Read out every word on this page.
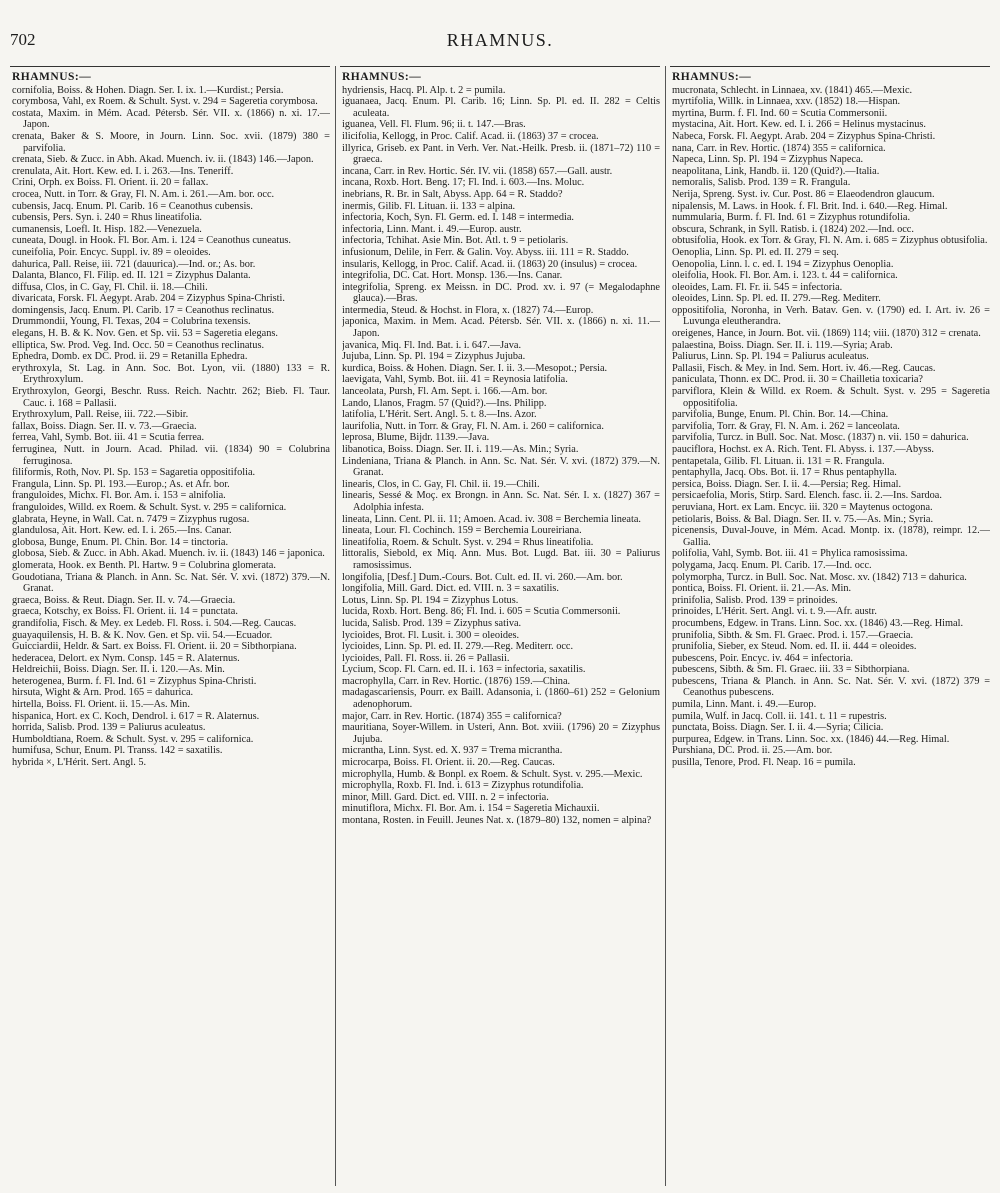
702	RHAMNUS.
RHAMNUS:—
cornifolia, Boiss. & Hohen. Diagn. Ser. I. ix. 1.—Kurdist.; Persia.
corymbosa, Vahl, ex Roem. & Schult. Syst. v. 294 = Sageretia corymbosa.
costata, Maxim. in Mém. Acad. Pétersb. Sér. VII. x. (1866) n. xi. 17.—Japon.
crenata, Baker & S. Moore, in Journ. Linn. Soc. xvii. (1879) 380 = parvifolia.
crenata, Sieb. & Zucc. in Abh. Akad. Muench. iv. ii. (1843) 146.—Japon.
crenulata, Ait. Hort. Kew. ed. I. i. 263.—Ins. Teneriff.
Crini, Orph. ex Boiss. Fl. Orient. ii. 20 = fallax.
crocea, Nutt. in Torr. & Gray, Fl. N. Am. i. 261.—Am. bor. occ.
cubensis, Jacq. Enum. Pl. Carib. 16 = Ceanothus cubensis.
cubensis, Pers. Syn. i. 240 = Rhus lineatifolia.
cumanensis, Loefl. It. Hisp. 182.—Venezuela.
cuneata, Dougl. in Hook. Fl. Bor. Am. i. 124 = Ceanothus cuneatus.
cuneifolia, Poir. Encyc. Suppl. iv. 89 = oleoides.
dahurica, Pall. Reise, iii. 721 (dauurica).—Ind. or.; As. bor.
Dalanta, Blanco, Fl. Filip. ed. II. 121 = Zizyphus Dalanta.
diffusa, Clos, in C. Gay, Fl. Chil. ii. 18.—Chili.
divaricata, Forsk. Fl. Aegypt. Arab. 204 = Zizyphus Spina-Christi.
domingensis, Jacq. Enum. Pl. Carib. 17 = Ceanothus reclinatus.
Drummondii, Young, Fl. Texas, 204 = Colubrina texensis.
elegans, H. B. & K. Nov. Gen. et Sp. vii. 53 = Sageretia elegans.
elliptica, Sw. Prod. Veg. Ind. Occ. 50 = Ceanothus reclinatus.
Ephedra, Domb. ex DC. Prod. ii. 29 = Retanilla Ephedra.
erythroxyla, St. Lag. in Ann. Soc. Bot. Lyon, vii. (1880) 133 = R. Erythroxylum.
Erythroxylon, Georgi, Beschr. Russ. Reich. Nachtr. 262; Bieb. Fl. Taur. Cauc. i. 168 = Pallasii.
Erythroxylum, Pall. Reise, iii. 722.—Sibir.
fallax, Boiss. Diagn. Ser. II. v. 73.—Graecia.
ferrea, Vahl, Symb. Bot. iii. 41 = Scutia ferrea.
ferruginea, Nutt. in Journ. Acad. Philad. vii. (1834) 90 = Colubrina ferruginosa.
filiformis, Roth, Nov. Pl. Sp. 153 = Sagaretia oppositifolia.
Frangula, Linn. Sp. Pl. 193.—Europ.; As. et Afr. bor.
franguloides, Michx. Fl. Bor. Am. i. 153 = alnifolia.
franguloides, Willd. ex Roem. & Schult. Syst. v. 295 = californica.
glabrata, Heyne, in Wall. Cat. n. 7479 = Zizyphus rugosa.
glandulosa, Ait. Hort. Kew. ed. I. i. 265.—Ins. Canar.
globosa, Bunge, Enum. Pl. Chin. Bor. 14 = tinctoria.
globosa, Sieb. & Zucc. in Abh. Akad. Muench. iv. ii. (1843) 146 = japonica.
glomerata, Hook. ex Benth. Pl. Hartw. 9 = Colubrina glomerata.
Goudotiana, Triana & Planch. in Ann. Sc. Nat. Sér. V. xvi. (1872) 379.—N. Granat.
graeca, Boiss. & Reut. Diagn. Ser. II. v. 74.—Graecia.
graeca, Kotschy, ex Boiss. Fl. Orient. ii. 14 = punctata.
grandifolia, Fisch. & Mey. ex Ledeb. Fl. Ross. i. 504.—Reg. Caucas.
guayaquilensis, H. B. & K. Nov. Gen. et Sp. vii. 54.—Ecuador.
Guicciardii, Heldr. & Sart. ex Boiss. Fl. Orient. ii. 20 = Sibthorpiana.
hederacea, Delort. ex Nym. Consp. 145 = R. Alaternus.
Heldreichii, Boiss. Diagn. Ser. II. i. 120.—As. Min.
heterogenea, Burm. f. Fl. Ind. 61 = Zizyphus Spina-Christi.
hirsuta, Wight & Arn. Prod. 165 = dahurica.
hirtella, Boiss. Fl. Orient. ii. 15.—As. Min.
hispanica, Hort. ex C. Koch, Dendrol. i. 617 = R. Alaternus.
horrida, Salisb. Prod. 139 = Paliurus aculeatus.
Humboldtiana, Roem. & Schult. Syst. v. 295 = californica.
humifusa, Schur, Enum. Pl. Transs. 142 = saxatilis.
hybrida ×, L'Hérit. Sert. Angl. 5.
RHAMNUS:—
hydriensis, Hacq. Pl. Alp. t. 2 = pumila.
iguanaea, Jacq. Enum. Pl. Carib. 16; Linn. Sp. Pl. ed. II. 282 = Celtis aculeata.
iguanea, Vell. Fl. Flum. 96; ii. t. 147.—Bras.
ilicifolia, Kellogg, in Proc. Calif. Acad. ii. (1863) 37 = crocea.
illyrica, Griseb. ex Pant. in Verh. Ver. Nat.-Heilk. Presb. ii. (1871–72) 110 = graeca.
incana, Carr. in Rev. Hortic. Sér. IV. vii. (1858) 657.—Gall. austr.
incana, Roxb. Hort. Beng. 17; Fl. Ind. i. 603.—Ins. Moluc.
inebrians, R. Br. in Salt, Abyss. App. 64 = R. Staddo?
inermis, Gilib. Fl. Lituan. ii. 133 = alpina.
infectoria, Koch, Syn. Fl. Germ. ed. I. 148 = intermedia.
infectoria, Linn. Mant. i. 49.—Europ. austr.
infectoria, Tchihat. Asie Min. Bot. Atl. t. 9 = petiolaris.
infusionum, Delile, in Ferr. & Galin. Voy. Abyss. iii. 111 = R. Staddo.
insularis, Kellogg, in Proc. Calif. Acad. ii. (1863) 20 (insulus) = crocea.
integrifolia, DC. Cat. Hort. Monsp. 136.—Ins. Canar.
integrifolia, Spreng. ex Meissn. in DC. Prod. xv. i. 97 (= Megalodaphne glauca).—Bras.
intermedia, Steud. & Hochst. in Flora, x. (1827) 74.—Europ.
japonica, Maxim. in Mem. Acad. Pétersb. Sér. VII. x. (1866) n. xi. 11.—Japon.
javanica, Miq. Fl. Ind. Bat. i. i. 647.—Java.
Jujuba, Linn. Sp. Pl. 194 = Zizyphus Jujuba.
kurdica, Boiss. & Hohen. Diagn. Ser. I. ii. 3.—Mesopot.; Persia.
laevigata, Vahl, Symb. Bot. iii. 41 = Reynosia latifolia.
lanceolata, Pursh, Fl. Am. Sept. i. 166.—Am. bor.
Lando, Llanos, Fragm. 57 (Quid?).—Ins. Philipp.
latifolia, L'Hérit. Sert. Angl. 5. t. 8.—Ins. Azor.
laurifolia, Nutt. in Torr. & Gray, Fl. N. Am. i. 260 = californica.
leprosa, Blume, Bijdr. 1139.—Java.
libanotica, Boiss. Diagn. Ser. II. i. 119.—As. Min.; Syria.
Lindeniana, Triana & Planch. in Ann. Sc. Nat. Sér. V. xvi. (1872) 379.—N. Granat.
linearis, Clos, in C. Gay, Fl. Chil. ii. 19.—Chili.
linearis, Sessé & Moç. ex Brongn. in Ann. Sc. Nat. Sér. I. x. (1827) 367 = Adolphia infesta.
lineata, Linn. Cent. Pl. ii. 11; Amoen. Acad. iv. 308 = Berchemia lineata.
lineata, Lour. Fl. Cochinch. 159 = Berchemia Loureiriana.
lineatifolia, Roem. & Schult. Syst. v. 294 = Rhus lineatifolia.
littoralis, Siebold, ex Miq. Ann. Mus. Bot. Lugd. Bat. iii. 30 = Paliurus ramosissimus.
longifolia, [Desf.] Dum.-Cours. Bot. Cult. ed. II. vi. 260.—Am. bor.
longifolia, Mill. Gard. Dict. ed. VIII. n. 3 = saxatilis.
Lotus, Linn. Sp. Pl. 194 = Zizyphus Lotus.
lucida, Roxb. Hort. Beng. 86; Fl. Ind. i. 605 = Scutia Commersonii.
lucida, Salisb. Prod. 139 = Zizyphus sativa.
lycioides, Brot. Fl. Lusit. i. 300 = oleoides.
lycioides, Linn. Sp. Pl. ed. II. 279.—Reg. Mediterr. occ.
lycioides, Pall. Fl. Ross. ii. 26 = Pallasii.
Lycium, Scop. Fl. Carn. ed. II. i. 163 = infectoria, saxatilis.
macrophylla, Carr. in Rev. Hortic. (1876) 159.—China.
madagascariensis, Pourr. ex Baill. Adansonia, i. (1860–61) 252 = Gelonium adenophorum.
major, Carr. in Rev. Hortic. (1874) 355 = californica?
mauritiana, Soyer-Willem. in Usteri, Ann. Bot. xviii. (1796) 20 = Zizyphus Jujuba.
micrantha, Linn. Syst. ed. X. 937 = Trema micrantha.
microcarpa, Boiss. Fl. Orient. ii. 20.—Reg. Caucas.
microphylla, Humb. & Bonpl. ex Roem. & Schult. Syst. v. 295.—Mexic.
microphylla, Roxb. Fl. Ind. i. 613 = Zizyphus rotundifolia.
minor, Mill. Gard. Dict. ed. VIII. n. 2 = infectoria.
minutiflora, Michx. Fl. Bor. Am. i. 154 = Sageretia Michauxii.
montana, Rosten. in Feuill. Jeunes Nat. x. (1879–80) 132, nomen = alpina?
RHAMNUS:—
mucronata, Schlecht. in Linnaea, xv. (1841) 465.—Mexic.
myrtifolia, Willk. in Linnaea, xxv. (1852) 18.—Hispan.
myrtina, Burm. f. Fl. Ind. 60 = Scutia Commersonii.
mystacina, Ait. Hort. Kew. ed. I. i. 266 = Helinus mystacinus.
Nabeca, Forsk. Fl. Aegypt. Arab. 204 = Zizyphus Spina-Christi.
nana, Carr. in Rev. Hortic. (1874) 355 = californica.
Napeca, Linn. Sp. Pl. 194 = Zizyphus Napeca.
neapolitana, Link, Handb. ii. 120 (Quid?).—Italia.
nemoralis, Salisb. Prod. 139 = R. Frangula.
Nerija, Spreng. Syst. iv. Cur. Post. 86 = Elaeodendron glaucum.
nipalensis, M. Laws. in Hook. f. Fl. Brit. Ind. i. 640.—Reg. Himal.
nummularia, Burm. f. Fl. Ind. 61 = Zizyphus rotundifolia.
obscura, Schrank, in Syll. Ratisb. i. (1824) 202.—Ind. occ.
obtusifolia, Hook. ex Torr. & Gray, Fl. N. Am. i. 685 = Zizyphus obtusifolia.
Oenoplia, Linn. Sp. Pl. ed. II. 279 = seq.
Oenopolia, Linn. l. c. ed. I. 194 = Zizyphus Oenoplia.
oleifolia, Hook. Fl. Bor. Am. i. 123. t. 44 = californica.
oleoides, Lam. Fl. Fr. ii. 545 = infectoria.
oleoides, Linn. Sp. Pl. ed. II. 279.—Reg. Mediterr.
oppositifolia, Noronha, in Verh. Batav. Gen. v. (1790) ed. I. Art. iv. 26 = Luvunga eleutherandra.
oreigenes, Hance, in Journ. Bot. vii. (1869) 114; viii. (1870) 312 = crenata.
palaestina, Boiss. Diagn. Ser. II. i. 119.—Syria; Arab.
Paliurus, Linn. Sp. Pl. 194 = Paliurus aculeatus.
Pallasii, Fisch. & Mey. in Ind. Sem. Hort. iv. 46.—Reg. Caucas.
paniculata, Thonn. ex DC. Prod. ii. 30 = Chailletia toxicaria?
parviflora, Klein & Willd. ex Roem. & Schult. Syst. v. 295 = Sageretia oppositifolia.
parvifolia, Bunge, Enum. Pl. Chin. Bor. 14.—China.
parvifolia, Torr. & Gray, Fl. N. Am. i. 262 = lanceolata.
parvifolia, Turcz. in Bull. Soc. Nat. Mosc. (1837) n. vii. 150 = dahurica.
pauciflora, Hochst. ex A. Rich. Tent. Fl. Abyss. i. 137.—Abyss.
pentapetala, Gilib. Fl. Lituan. ii. 131 = R. Frangula.
pentaphylla, Jacq. Obs. Bot. ii. 17 = Rhus pentaphylla.
persica, Boiss. Diagn. Ser. I. ii. 4.—Persia; Reg. Himal.
persicaefolia, Moris, Stirp. Sard. Elench. fasc. ii. 2.—Ins. Sardoa.
peruviana, Hort. ex Lam. Encyc. iii. 320 = Maytenus octogona.
petiolaris, Boiss. & Bal. Diagn. Ser. II. v. 75.—As. Min.; Syria.
picenensis, Duval-Jouve, in Mém. Acad. Montp. ix. (1878), reimpr. 12.—Gallia.
polifolia, Vahl, Symb. Bot. iii. 41 = Phylica ramosissima.
polygama, Jacq. Enum. Pl. Carib. 17.—Ind. occ.
polymorpha, Turcz. in Bull. Soc. Nat. Mosc. xv. (1842) 713 = dahurica.
pontica, Boiss. Fl. Orient. ii. 21.—As. Min.
prinifolia, Salisb. Prod. 139 = prinoides.
prinoides, L'Hérit. Sert. Angl. vi. t. 9.—Afr. austr.
procumbens, Edgew. in Trans. Linn. Soc. xx. (1846) 43.—Reg. Himal.
prunifolia, Sibth. & Sm. Fl. Graec. Prod. i. 157.—Graecia.
prunifolia, Sieber, ex Steud. Nom. ed. II. ii. 444 = oleoides.
pubescens, Poir. Encyc. iv. 464 = infectoria.
pubescens, Sibth. & Sm. Fl. Graec. iii. 33 = Sibthorpiana.
pubescens, Triana & Planch. in Ann. Sc. Nat. Sér. V. xvi. (1872) 379 = Ceanothus pubescens.
pumila, Linn. Mant. i. 49.—Europ.
pumila, Wulf. in Jacq. Coll. ii. 141. t. 11 = rupestris.
punctata, Boiss. Diagn. Ser. I. ii. 4.—Syria; Cilicia.
purpurea, Edgew. in Trans. Linn. Soc. xx. (1846) 44.—Reg. Himal.
Purshiana, DC. Prod. ii. 25.—Am. bor.
pusilla, Tenore, Prod. Fl. Neap. 16 = pumila.
